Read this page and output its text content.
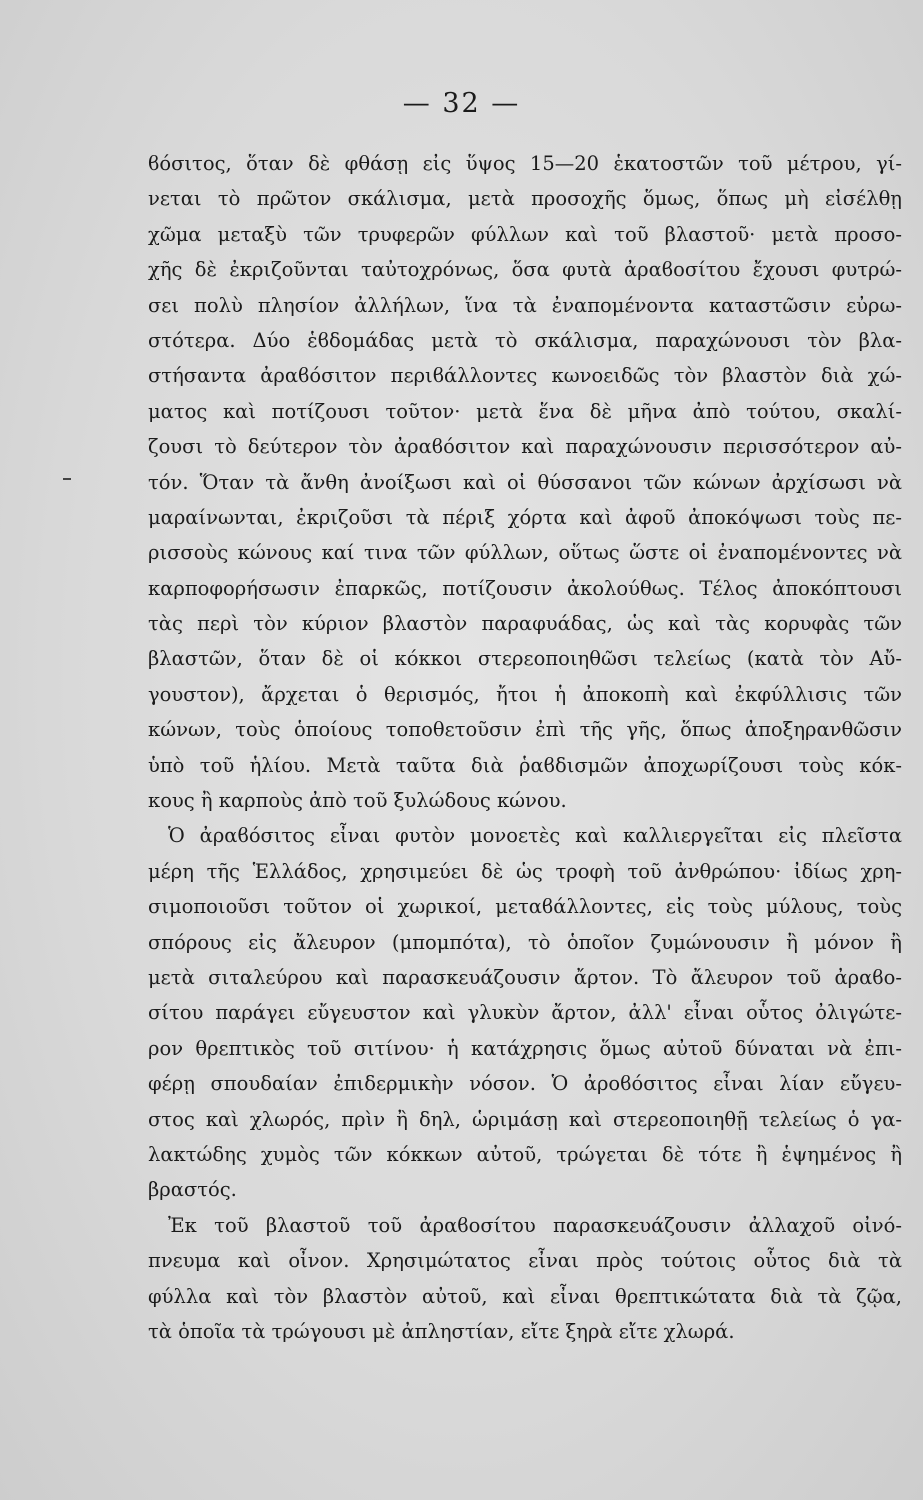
— 32 —
ϐόσιτος, ὅταν δὲ φθάσῃ εἰς ὕψος 15—20 ἑκατοστῶν τοῦ μέτρου, γί-
νεται τὸ πρῶτον σκάλισμα, μετὰ προσοχῆς ὅμως, ὅπως μὴ εἰσέλθῃ
χῶμα μεταξὺ τῶν τρυφερῶν φύλλων καὶ τοῦ βλαστοῦ· μετὰ προσο-
χῆς δὲ ἐκριζοῦνται ταὐτοχρόνως, ὅσα φυτὰ ἀραϐοσίτου ἔχουσι φυτρώ-
σει πολὺ πλησίον ἀλλήλων, ἵνα τὰ ἐναπομένοντα καταστῶσιν εὐρω-
στότερα. Δύο ἑϐδομάδας μετὰ τὸ σκάλισμα, παραχώνουσι τὸν βλα-
στήσαντα ἀραϐόσιτον περιϐάλλοντες κωνοειδῶς τὸν βλαστὸν διὰ χώ-
ματος καὶ ποτίζουσι τοῦτον· μετὰ ἕνα δὲ μῆνα ἀπὸ τούτου, σκαλί-
ζουσι τὸ δεύτερον τὸν ἀραϐόσιτον καὶ παραχώνουσιν περισσότερον αὐ-
τόν. Ὅταν τὰ ἄνθη ἀνοίξωσι καὶ οἱ θύσσανοι τῶν κώνων ἀρχίσωσι νὰ
μαραίνωνται, ἐκριζοῦσι τὰ πέριξ χόρτα καὶ ἀφοῦ ἀποκόψωσι τοὺς πε-
ρισσοὺς κώνους καί τινα τῶν φύλλων, οὕτως ὥστε οἱ ἐναπομένοντες νὰ
καρποφορήσωσιν ἐπαρκῶς, ποτίζουσιν ἀκολούθως. Τέλος ἀποκόπτουσι
τὰς περὶ τὸν κύριον βλαστὸν παραφυάδας, ὡς καὶ τὰς κορυφὰς τῶν
βλαστῶν, ὅταν δὲ οἱ κόκκοι στερεοποιηθῶσι τελείως (κατὰ τὸν Αὔ-
γουστον), ἄρχεται ὁ θερισμός, ἤτοι ἡ ἀποκοπὴ καὶ ἐκφύλλισις τῶν
κώνων, τοὺς ὁποίους τοποθετοῦσιν ἐπὶ τῆς γῆς, ὅπως ἀποξηρανθῶσιν
ὑπὸ τοῦ ἡλίου. Μετὰ ταῦτα διὰ ῥαϐδισμῶν ἀποχωρίζουσι τοὺς κόκ-
κους ἢ καρποὺς ἀπὸ τοῦ ξυλώδους κώνου.
Ὁ ἀραϐόσιτος εἶναι φυτὸν μονοετὲς καὶ καλλιεργεῖται εἰς πλεῖστα
μέρη τῆς Ἑλλάδος, χρησιμεύει δὲ ὡς τροφὴ τοῦ ἀνθρώπου· ἰδίως χρη-
σιμοποιοῦσι τοῦτον οἱ χωρικοί, μεταϐάλλοντες, εἰς τοὺς μύλους, τοὺς
σπόρους εἰς ἄλευρον (μπομπότα), τὸ ὁποῖον ζυμώνουσιν ἢ μόνον ἢ
μετὰ σιταλεύρου καὶ παρασκευάζουσιν ἄρτον. Τὸ ἄλευρον τοῦ ἀραϐο-
σίτου παράγει εὔγευστον καὶ γλυκὺν ἄρτον, ἀλλ' εἶναι οὗτος ὀλιγώτε-
ρον θρεπτικὸς τοῦ σιτίνου· ἡ κατάχρησις ὅμως αὐτοῦ δύναται νὰ ἐπι-
φέρῃ σπουδαίαν ἐπιδερμικὴν νόσον. Ὁ ἀροϐόσιτος εἶναι λίαν εὔγευ-
στος καὶ χλωρός, πρὶν ἢ δηλ, ὡριμάσῃ καὶ στερεοποιηθῇ τελείως ὁ γα-
λακτώδης χυμὸς τῶν κόκκων αὐτοῦ, τρώγεται δὲ τότε ἢ ἑψημένος ἢ
βραστός.
Ἐκ τοῦ βλαστοῦ τοῦ ἀραϐοσίτου παρασκευάζουσιν ἀλλαχοῦ οἰνό-
πνευμα καὶ οἶνον. Χρησιμώτατος εἶναι πρὸς τούτοις οὗτος διὰ τὰ
φύλλα καὶ τὸν βλαστὸν αὐτοῦ, καὶ εἶναι θρεπτικώτατα διὰ τὰ ζῷα,
τὰ ὁποῖα τὰ τρώγουσι μὲ ἀπληστίαν, εἴτε ξηρὰ εἴτε χλωρά.
